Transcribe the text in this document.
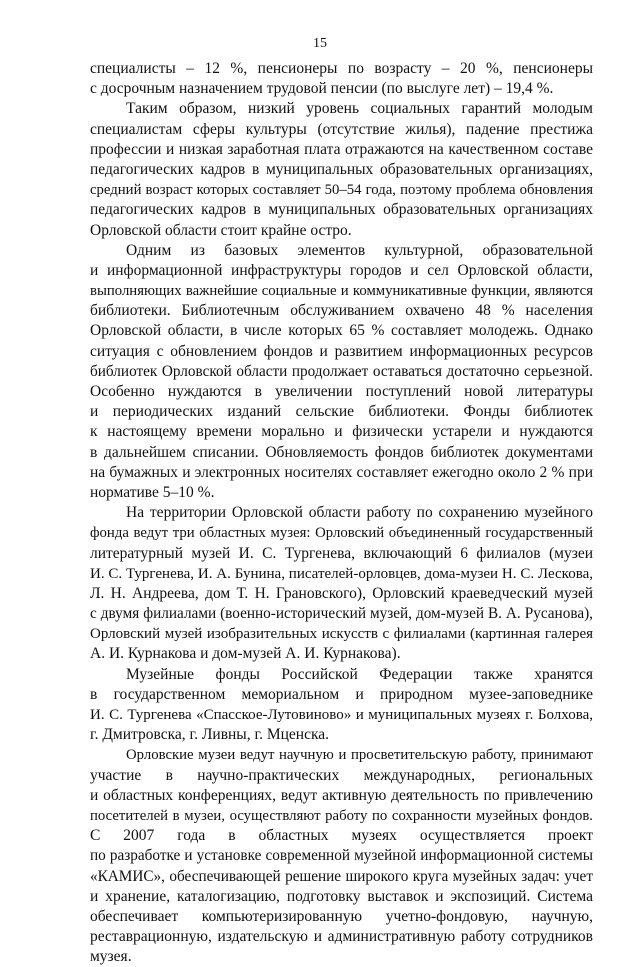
15
специалисты – 12 %, пенсионеры по возрасту – 20 %, пенсионеры
с досрочным назначением трудовой пенсии (по выслуге лет) – 19,4 %.
Таким образом, низкий уровень социальных гарантий молодым
специалистам сферы культуры (отсутствие жилья), падение престижа
профессии и низкая заработная плата отражаются на качественном составе
педагогических кадров в муниципальных образовательных организациях,
средний возраст которых составляет 50–54 года, поэтому проблема обновления
педагогических кадров в муниципальных образовательных организациях
Орловской области стоит крайне остро.
Одним из базовых элементов культурной, образовательной
и информационной инфраструктуры городов и сел Орловской области,
выполняющих важнейшие социальные и коммуникативные функции, являются
библиотеки. Библиотечным обслуживанием охвачено 48 % населения
Орловской области, в числе которых 65 % составляет молодежь. Однако
ситуация с обновлением фондов и развитием информационных ресурсов
библиотек Орловской области продолжает оставаться достаточно серьезной.
Особенно нуждаются в увеличении поступлений новой литературы
и периодических изданий сельские библиотеки. Фонды библиотек
к настоящему времени морально и физически устарели и нуждаются
в дальнейшем списании. Обновляемость фондов библиотек документами
на бумажных и электронных носителях составляет ежегодно около 2 % при
нормативе 5–10 %.
На территории Орловской области работу по сохранению музейного
фонда ведут три областных музея: Орловский объединенный государственный
литературный музей И. С. Тургенева, включающий 6 филиалов (музеи
И. С. Тургенева, И. А. Бунина, писателей-орловцев, дома-музеи Н. С. Лескова,
Л. Н. Андреева, дом Т. Н. Грановского), Орловский краеведческий музей
с двумя филиалами (военно-исторический музей, дом-музей В. А. Русанова),
Орловский музей изобразительных искусств с филиалами (картинная галерея
А. И. Курнакова и дом-музей А. И. Курнакова).
Музейные фонды Российской Федерации также хранятся
в государственном мемориальном и природном музее-заповеднике
И. С. Тургенева «Спасское-Лутовиново» и муниципальных музеях г. Болхова,
г. Дмитровска, г. Ливны, г. Мценска.
Орловские музеи ведут научную и просветительскую работу, принимают
участие в научно-практических международных, региональных
и областных конференциях, ведут активную деятельность по привлечению
посетителей в музеи, осуществляют работу по сохранности музейных фондов.
С 2007 года в областных музеях осуществляется проект
по разработке и установке современной музейной информационной системы
«КАМИС», обеспечивающей решение широкого круга музейных задач: учет
и хранение, каталогизацию, подготовку выставок и экспозиций. Система
обеспечивает компьютеризированную учетно-фондовую, научную,
реставрационную, издательскую и административную работу сотрудников
музея.
